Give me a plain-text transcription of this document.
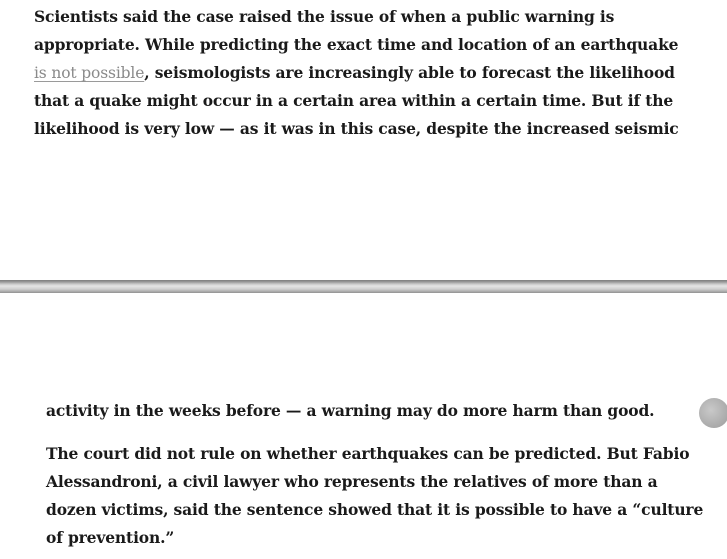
Scientists said the case raised the issue of when a public warning is
appropriate. While predicting the exact time and location of an earthquake
is not possible, seismologists are increasingly able to forecast the likelihood
that a quake might occur in a certain area within a certain time. But if the
likelihood is very low — as it was in this case, despite the increased seismic

activity in the weeks before — a warning may do more harm than good.

The court did not rule on whether earthquakes can be predicted. But Fabio
Alessandroni, a civil lawyer who represents the relatives of more than a
dozen victims, said the sentence showed that it is possible to have a “culture
of prevention.”
